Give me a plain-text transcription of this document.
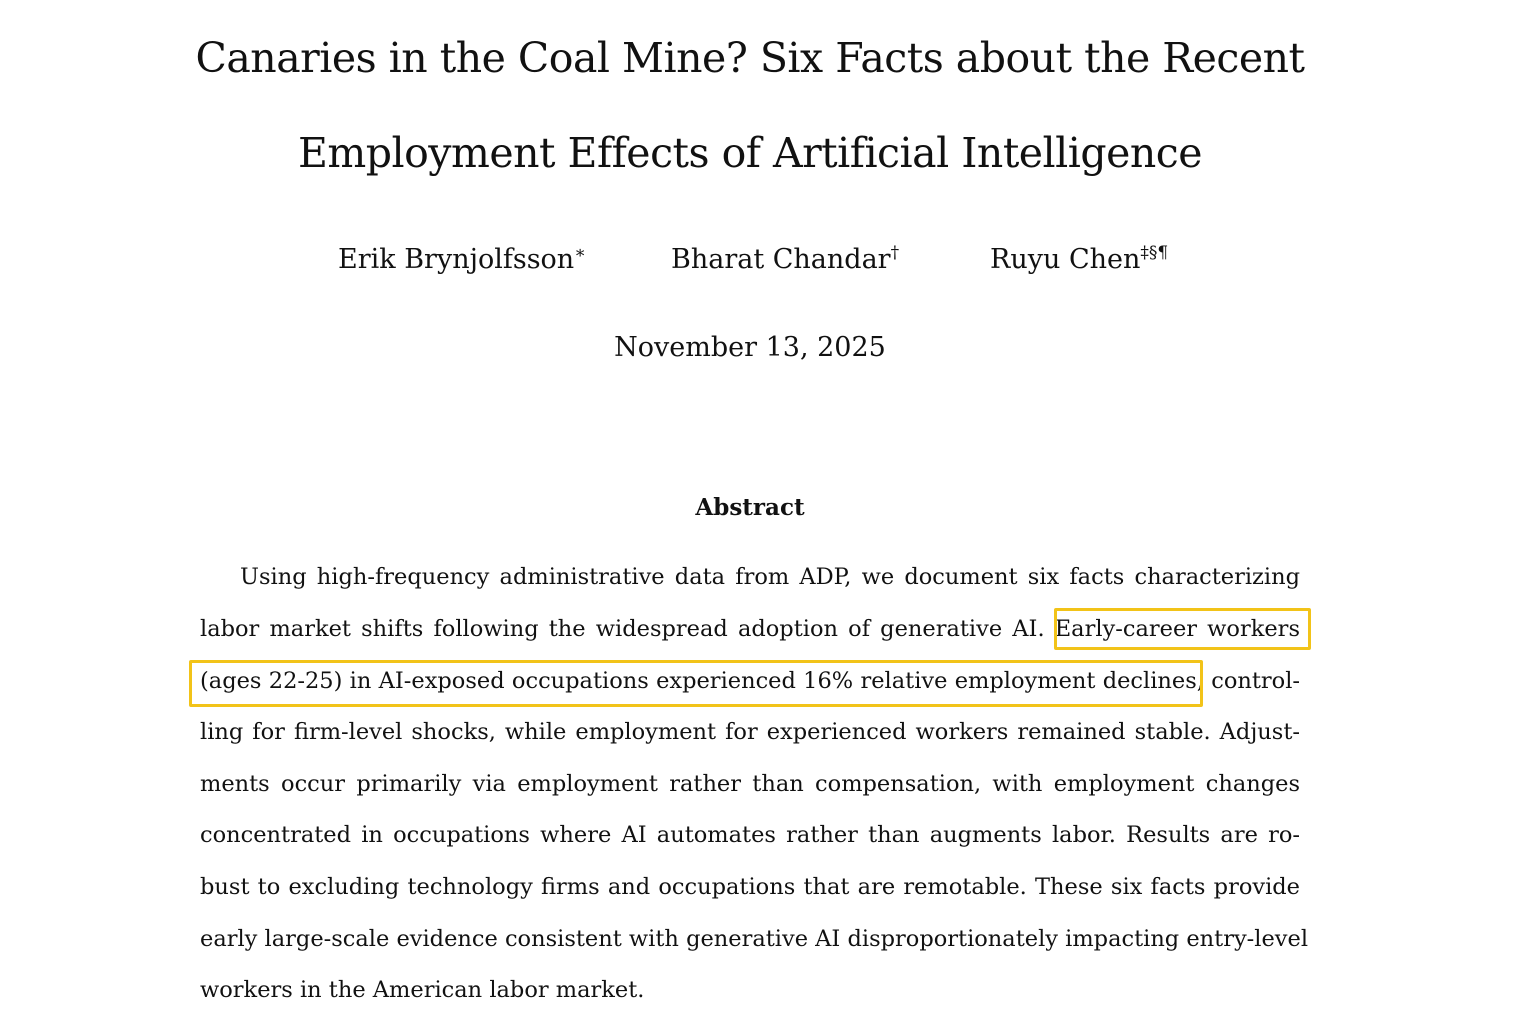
Canaries in the Coal Mine? Six Facts about the Recent
Employment Effects of Artificial Intelligence
Erik Brynjolfsson∗	Bharat Chandar†	Ruyu Chen‡§¶
November 13, 2025
Abstract
Using high-frequency administrative data from ADP, we document six facts characterizing
labor market shifts following the widespread adoption of generative AI. Early-career workers
(ages 22-25) in AI-exposed occupations experienced 16% relative employment declines, control-
ling for firm-level shocks, while employment for experienced workers remained stable. Adjust-
ments occur primarily via employment rather than compensation, with employment changes
concentrated in occupations where AI automates rather than augments labor. Results are ro-
bust to excluding technology firms and occupations that are remotable. These six facts provide
early large-scale evidence consistent with generative AI disproportionately impacting entry-level
workers in the American labor market.
